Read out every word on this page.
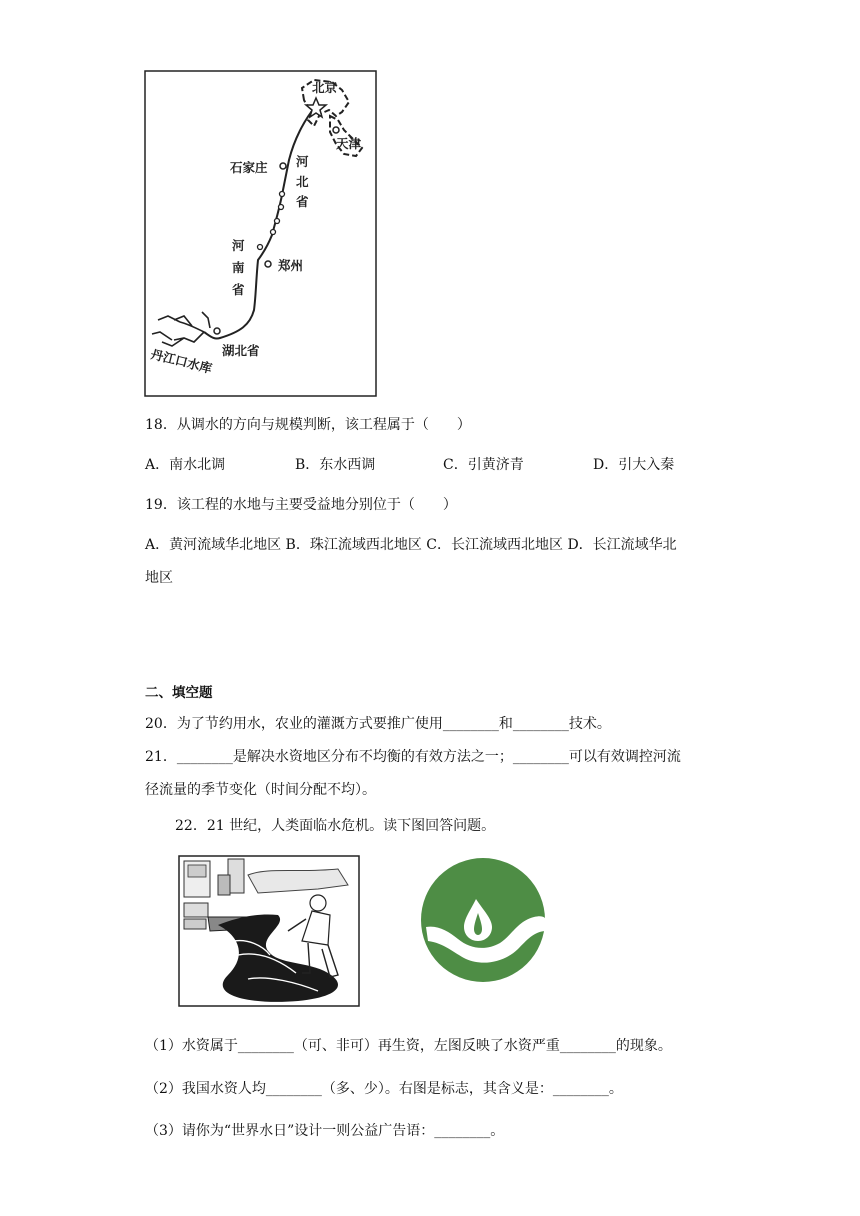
北京
天津
石家庄 河
北
省
河
南
省
郑州
湖北省
丹江口水库
18．从调水的方向与规模判断，该工程属于（　　）
A．南水北调	B．东水西调	C．引黄济青	D．引大入秦
19．该工程的水地与主要受益地分别位于（　　）
A．黄河流域华北地区 B．珠江流域西北地区 C．长江流域西北地区 D．长江流域华北
地区
二、填空题
20．为了节约用水，农业的灌溉方式要推广使用________和________技术。
21．________是解决水资地区分布不均衡的有效方法之一；________可以有效调控河流
径流量的季节变化（时间分配不均）。
22．21 世纪，人类面临水危机。读下图回答问题。
（1）水资属于________（可、非可）再生资，左图反映了水资严重________的现象。
（2）我国水资人均________（多、少）。右图是标志，其含义是：________。
（3）请你为“世界水日”设计一则公益广告语：________。
